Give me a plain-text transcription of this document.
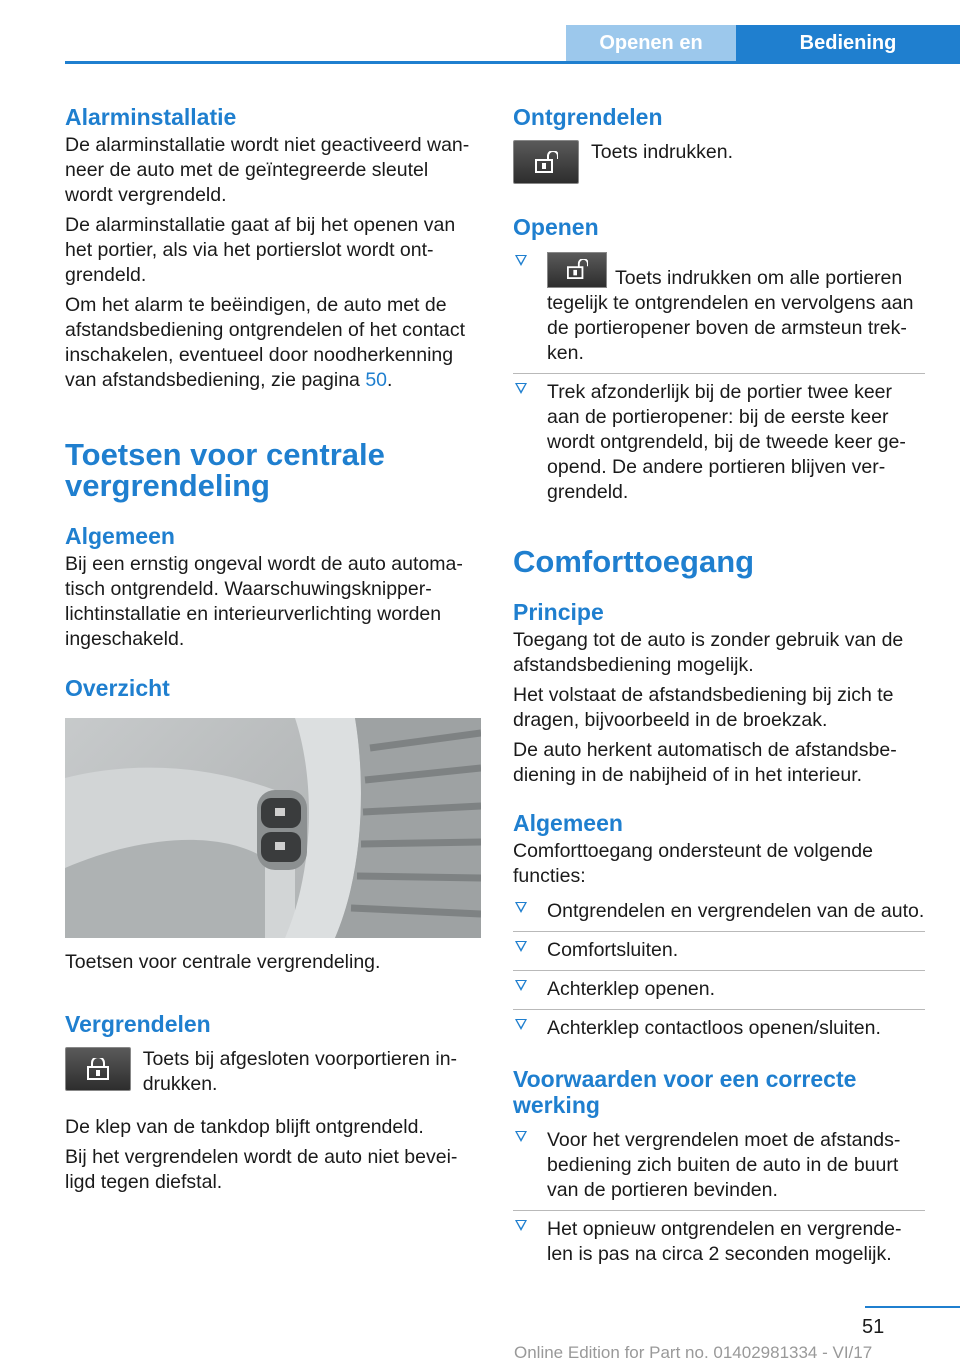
Openen en sluiten
Bediening
Alarminstallatie

De alarminstallatie wordt niet geactiveerd wan‐neer de auto met de geïntegreerde sleutel wordt vergrendeld.

De alarminstallatie gaat af bij het openen van het portier, als via het portierslot wordt ont‐grendeld.

Om het alarm te beëindigen, de auto met de afstandsbediening ontgrendelen of het contact inschakelen, eventueel door noodherkenning van afstandsbediening, zie pagina 50.

Toetsen voor centrale vergrendeling
Algemeen

Bij een ernstig ongeval wordt de auto automa‐tisch ontgrendeld. Waarschuwingsknipper‐lichtinstallatie en interieurverlichting worden ingeschakeld.

Overzicht

Toetsen voor centrale vergrendeling.

Vergrendelen

Toets bij afgesloten voorportieren in‐drukken.

De klep van de tankdop blijft ontgrendeld.

Bij het vergrendelen wordt de auto niet bevei‐ligd tegen diefstal.

Ontgrendelen

Toets indrukken.

Openen
Toets indrukken om alle portieren tegelijk te ontgrendelen en vervolgens aan de portieropener boven de armsteun trek‐ken.
Trek afzonderlijk bij de portier twee keer aan de portieropener: bij de eerste keer wordt ontgrendeld, bij de tweede keer ge‐opend. De andere portieren blijven ver‐grendeld.
Comforttoegang
Principe

Toegang tot de auto is zonder gebruik van de afstandsbediening mogelijk.

Het volstaat de afstandsbediening bij zich te dragen, bijvoorbeeld in de broekzak.

De auto herkent automatisch de afstandsbe‐diening in de nabijheid of in het interieur.

Algemeen

Comforttoegang ondersteunt de volgende functies:

Ontgrendelen en vergrendelen van de auto.
Comfortsluiten.
Achterklep openen.
Achterklep contactloos openen/sluiten.
Voorwaarden voor een correcte werking
Voor het vergrendelen moet de afstands‐bediening zich buiten de auto in de buurt van de portieren bevinden.
Het opnieuw ontgrendelen en vergrende‐len is pas na circa 2 seconden mogelijk.
51
Online Edition for Part no. 01402981334 - VI/17
